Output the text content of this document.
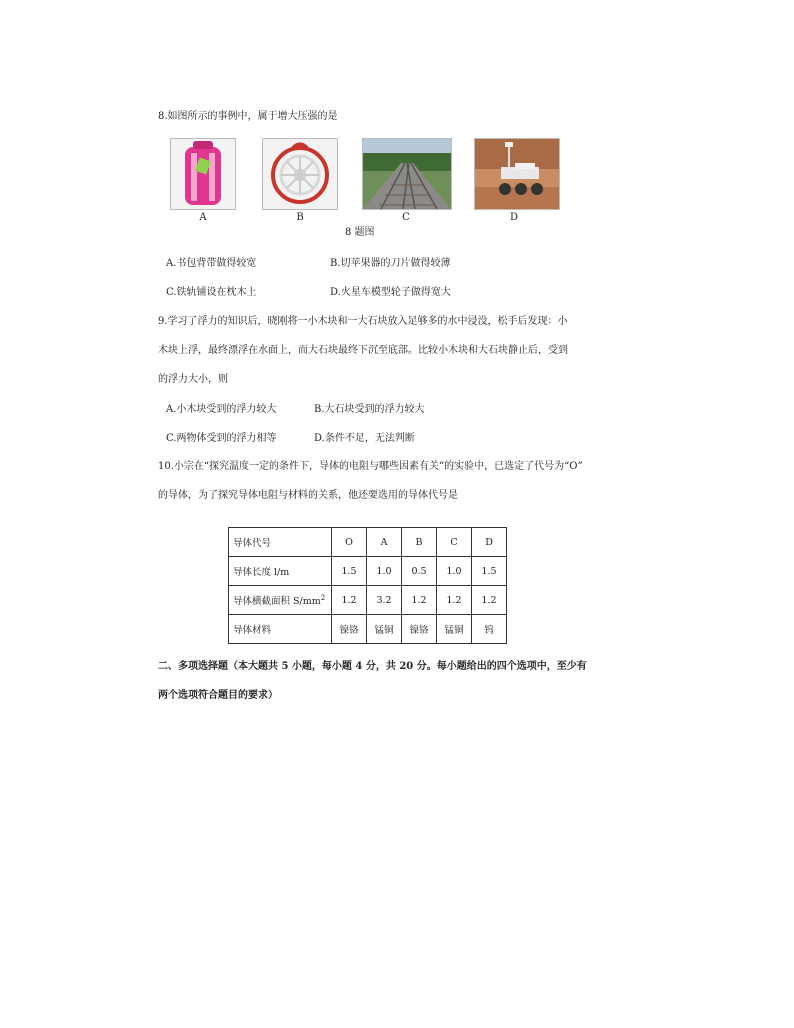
8.如图所示的事例中，属于增大压强的是
A	B	C	D
8 题图
A.书包背带做得较宽	B.切苹果器的刀片做得较薄
C.铁轨铺设在枕木上	D.火星车模型轮子做得宽大
9.学习了浮力的知识后，晓刚将一小木块和一大石块放入足够多的水中浸没，松手后发现：小
木块上浮，最终漂浮在水面上，而大石块最终下沉至底部。比较小木块和大石块静止后，受到
的浮力大小，则
A.小木块受到的浮力较大	B.大石块受到的浮力较大
C.两物体受到的浮力相等	D.条件不足，无法判断
10.小宗在“探究温度一定的条件下，导体的电阻与哪些因素有关”的实验中，已选定了代号为“O”
的导体，为了探究导体电阻与材料的关系，他还要选用的导体代号是
导体代号	O	A	B	C	D
导体长度 l/m	1.5	1.0	0.5	1.0	1.5
导体横截面积 $S/mm^2$	1.2	3.2	1.2	1.2	1.2
导体材料	镍铬	锰铜	镍铬	锰铜	钨
二、多项选择题（本大题共 5 小题，每小题 4 分，共 20 分。每小题给出的四个选项中，至少有
两个选项符合题目的要求）
